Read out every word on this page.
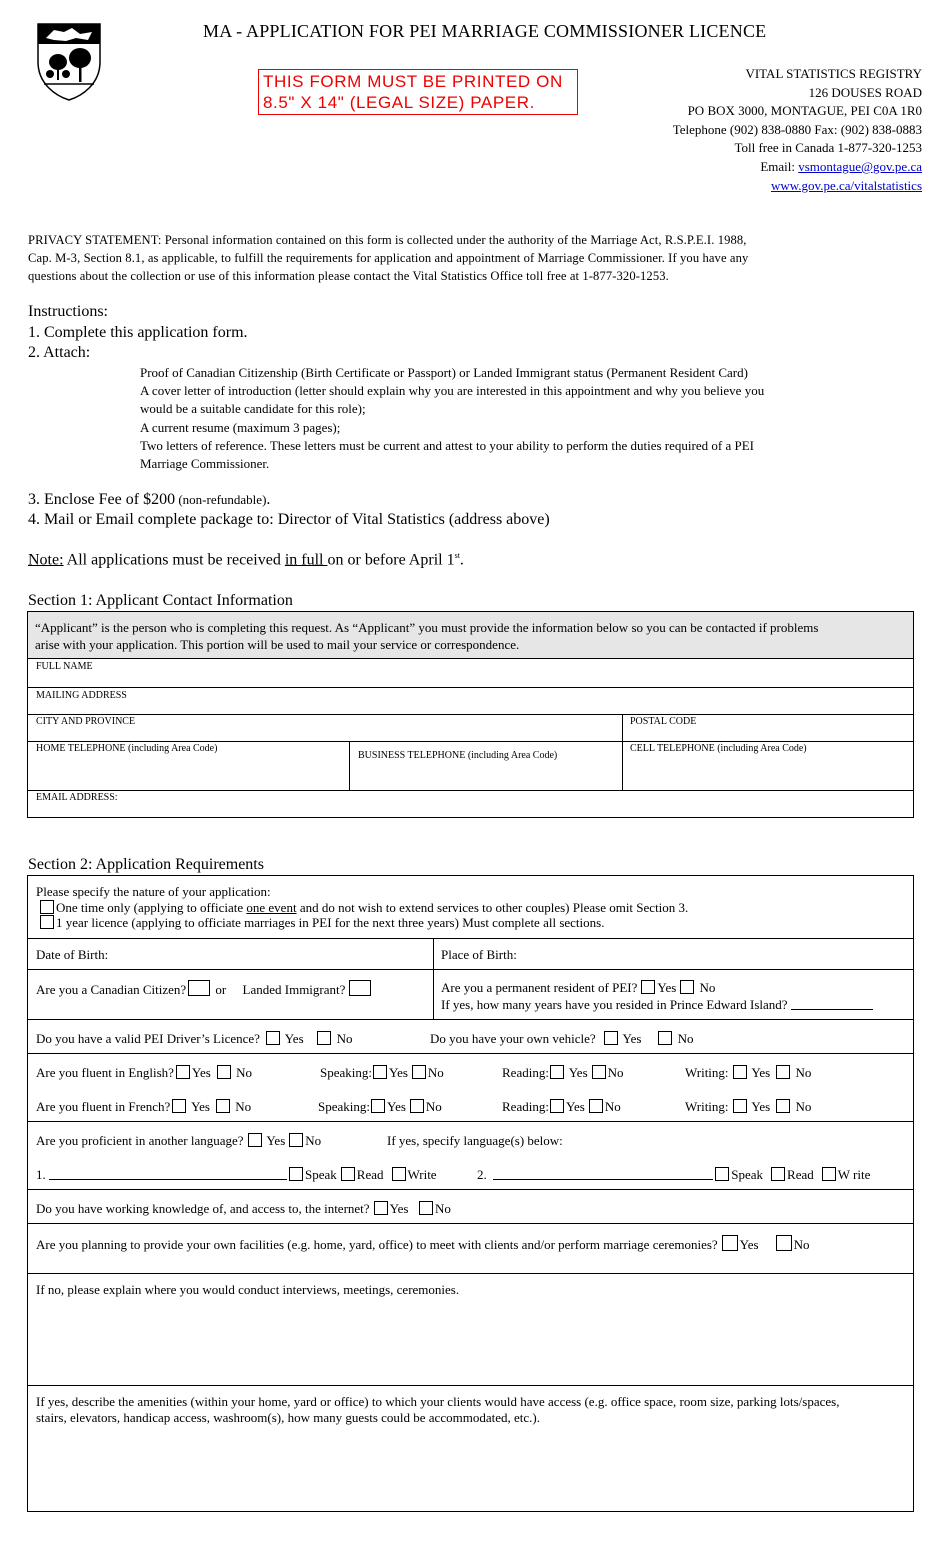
MA - APPLICATION FOR PEI MARRIAGE COMMISSIONER LICENCE
THIS FORM MUST BE PRINTED ON
8.5" X 14" (LEGAL SIZE) PAPER.
VITAL STATISTICS REGISTRY
126 DOUSES ROAD
PO BOX 3000, MONTAGUE, PEI C0A 1R0
Telephone (902) 838-0880 Fax: (902) 838-0883
Toll free in Canada 1-877-320-1253
Email: vsmontague@gov.pe.ca
www.gov.pe.ca/vitalstatistics
PRIVACY STATEMENT: Personal information contained on this form is collected under the authority of the Marriage Act, R.S.P.E.I. 1988,
Cap. M-3, Section 8.1, as applicable, to fulfill the requirements for application and appointment of Marriage Commissioner. If you have any
questions about the collection or use of this information please contact the Vital Statistics Office toll free at 1-877-320-1253.
Instructions:
1. Complete this application form.
2. Attach:
Proof of Canadian Citizenship (Birth Certificate or Passport) or Landed Immigrant status (Permanent Resident Card)
A cover letter of introduction (letter should explain why you are interested in this appointment and why you believe you
would be a suitable candidate for this role);
A current resume (maximum 3 pages);
Two letters of reference. These letters must be current and attest to your ability to perform the duties required of a PEI
Marriage Commissioner.
3. Enclose Fee of $200 (non-refundable).
4. Mail or Email complete package to: Director of Vital Statistics (address above)
Note: All applications must be received in full on or before April 1st.
Section 1: Applicant Contact Information
“Applicant” is the person who is completing this request. As “Applicant” you must provide the information below so you can be contacted if problems
arise with your application. This portion will be used to mail your service or correspondence.
FULL NAME
MAILING ADDRESS
CITY AND PROVINCE	POSTAL CODE
HOME TELEPHONE (including Area Code)
BUSINESS TELEPHONE (including Area Code)
CELL TELEPHONE (including Area Code)
EMAIL ADDRESS:
Section 2: Application Requirements
Please specify the nature of your application:
One time only (applying to officiate one event and do not wish to extend services to other couples) Please omit Section 3.
1 year licence (applying to officiate marriages in PEI for the next three years) Must complete all sections.
Date of Birth:	Place of Birth:
Are you a Canadian Citizen? or Landed Immigrant?	Are you a permanent resident of PEI? Yes No
If yes, how many years have you resided in Prince Edward Island?
Do you have a valid PEI Driver’s Licence? Yes	No	Do you have your own vehicle? Yes	No
Are you fluent in English? Yes No	Speaking: Yes No	Reading: Yes No	Writing: Yes No
Are you fluent in French? Yes No	Speaking: Yes No	Reading: Yes No	Writing: Yes No
Are you proficient in another language? Yes No	If yes, specify language(s) below:
1.	Speak Read Write	2.	Speak Read W rite
Do you have working knowledge of, and access to, the internet? Yes No
Are you planning to provide your own facilities (e.g. home, yard, office) to meet with clients and/or perform marriage ceremonies? Yes	No
If no, please explain where you would conduct interviews, meetings, ceremonies.
If yes, describe the amenities (within your home, yard or office) to which your clients would have access (e.g. office space, room size, parking lots/spaces,
stairs, elevators, handicap access, washroom(s), how many guests could be accommodated, etc.).
